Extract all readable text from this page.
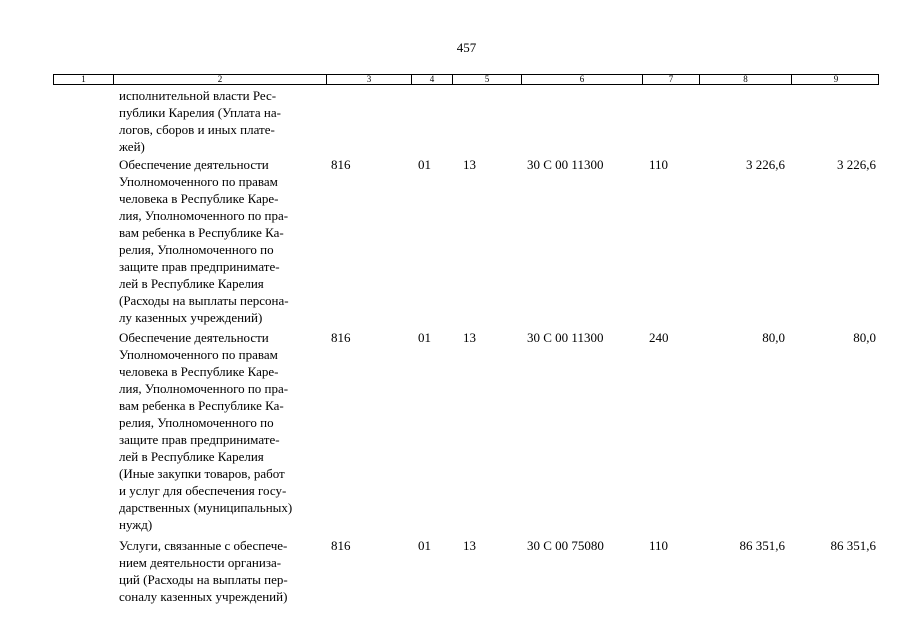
457
1	2	3	4	5	6	7	8	9
исполнительной власти Рес-
публики Карелия (Уплата на-
логов, сборов и иных плате-
жей)
Обеспечение деятельности
Уполномоченного по правам
человека в Республике Каре-
лия, Уполномоченного по пра-
вам ребенка в Республике Ка-
релия, Уполномоченного по
защите прав предпринимате-
лей в Республике Карелия
(Расходы на выплаты персона-
лу казенных учреждений)
816	01 13	30 С 00 11300	110	3 226,6	3 226,6
Обеспечение деятельности
Уполномоченного по правам
человека в Республике Каре-
лия, Уполномоченного по пра-
вам ребенка в Республике Ка-
релия, Уполномоченного по
защите прав предпринимате-
лей в Республике Карелия
(Иные закупки товаров, работ
и услуг для обеспечения госу-
дарственных (муниципальных)
нужд)
816	01 13	30 С 00 11300	240	80,0	80,0
Услуги, связанные с обеспече-
нием деятельности организа-
ций (Расходы на выплаты пер-
соналу казенных учреждений)
816	01 13	30 С 00 75080	110	86 351,6	86 351,6
